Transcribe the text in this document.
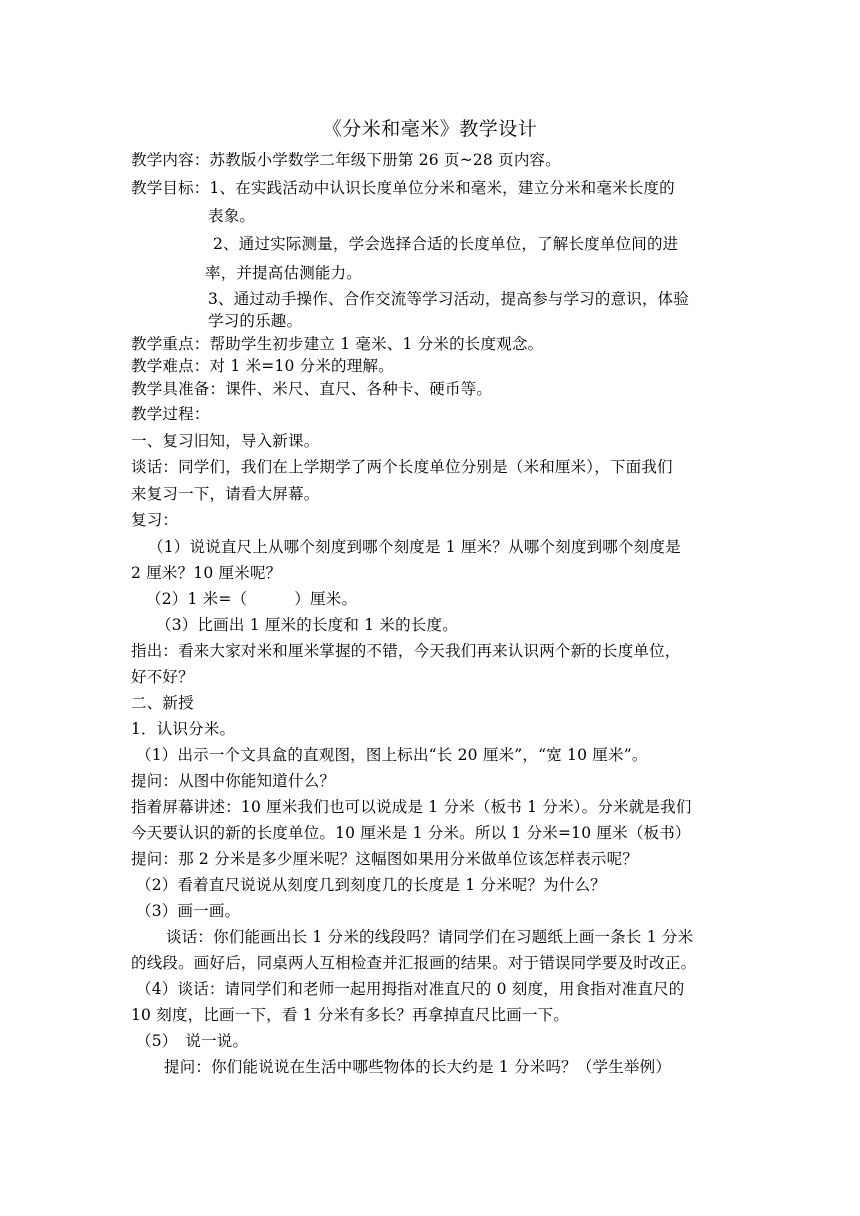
《分米和毫米》教学设计
教学内容：苏教版小学数学二年级下册第 26 页~28 页内容。
教学目标：1、在实践活动中认识长度单位分米和毫米，建立分米和毫米长度的
表象。
2、通过实际测量，学会选择合适的长度单位，了解长度单位间的进
率，并提高估测能力。
3、通过动手操作、合作交流等学习活动，提高参与学习的意识，体验
学习的乐趣。
教学重点：帮助学生初步建立 1 毫米、1 分米的长度观念。
教学难点：对 1 米=10 分米的理解。
教学具准备：课件、米尺、直尺、各种卡、硬币等。
教学过程：
一、复习旧知，导入新课。
谈话：同学们，我们在上学期学了两个长度单位分别是（米和厘米），下面我们
来复习一下，请看大屏幕。
复习：
（1）说说直尺上从哪个刻度到哪个刻度是 1 厘米？从哪个刻度到哪个刻度是
2 厘米？10 厘米呢？
（2）1 米=（　　　）厘米。
（3）比画出 1 厘米的长度和 1 米的长度。
指出：看来大家对米和厘米掌握的不错，今天我们再来认识两个新的长度单位，
好不好？
二、新授
1．认识分米。
（1）出示一个文具盒的直观图，图上标出“长 20 厘米”，“宽 10 厘米”。
提问：从图中你能知道什么？
指着屏幕讲述：10 厘米我们也可以说成是 1 分米（板书 1 分米）。分米就是我们
今天要认识的新的长度单位。10 厘米是 1 分米。所以 1 分米=10 厘米（板书）
提问：那 2 分米是多少厘米呢？这幅图如果用分米做单位该怎样表示呢？
（2）看着直尺说说从刻度几到刻度几的长度是 1 分米呢？为什么？
（3）画一画。
谈话：你们能画出长 1 分米的线段吗？请同学们在习题纸上画一条长 1 分米
的线段。画好后，同桌两人互相检查并汇报画的结果。对于错误同学要及时改正。
（4）谈话：请同学们和老师一起用拇指对准直尺的 0 刻度，用食指对准直尺的
10 刻度，比画一下，看 1 分米有多长？再拿掉直尺比画一下。
（5）　说一说。
提问：你们能说说在生活中哪些物体的长大约是 1 分米吗？（学生举例）
